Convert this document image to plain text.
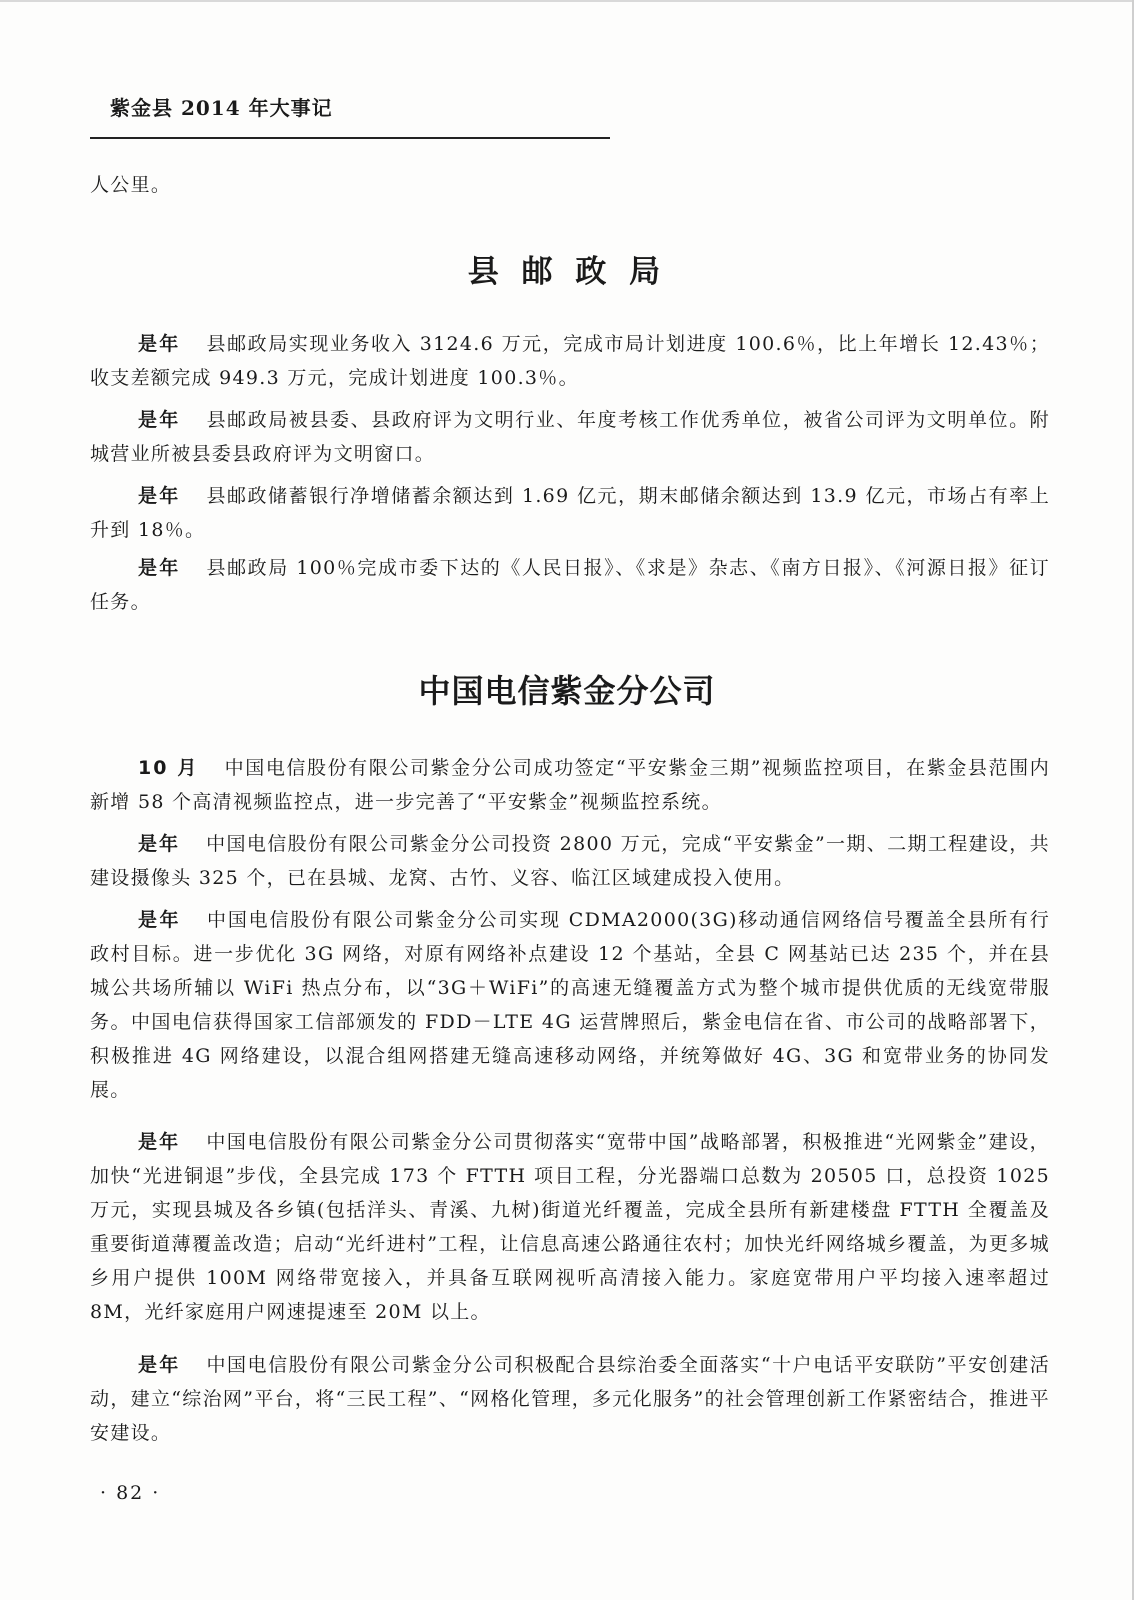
紫金县 2014 年大事记

人公里。

县 邮 政 局

是年 县邮政局实现业务收入 3124.6 万元，完成市局计划进度 100.6％，比上年增长 12.43％；收支差额完成 949.3 万元，完成计划进度 100.3％。

是年 县邮政局被县委、县政府评为文明行业、年度考核工作优秀单位，被省公司评为文明单位。附城营业所被县委县政府评为文明窗口。

是年 县邮政储蓄银行净增储蓄余额达到 1.69 亿元，期末邮储余额达到 13.9 亿元，市场占有率上升到 18％。

是年 县邮政局 100％完成市委下达的《人民日报》、《求是》杂志、《南方日报》、《河源日报》征订任务。

中国电信紫金分公司

10 月 中国电信股份有限公司紫金分公司成功签定“平安紫金三期”视频监控项目，在紫金县范围内新增 58 个高清视频监控点，进一步完善了“平安紫金”视频监控系统。

是年 中国电信股份有限公司紫金分公司投资 2800 万元，完成“平安紫金”一期、二期工程建设，共建设摄像头 325 个，已在县城、龙窝、古竹、义容、临江区域建成投入使用。

是年 中国电信股份有限公司紫金分公司实现 CDMA2000(3G)移动通信网络信号覆盖全县所有行政村目标。进一步优化 3G 网络，对原有网络补点建设 12 个基站，全县 C 网基站已达 235 个，并在县城公共场所辅以 WiFi 热点分布，以“3G＋WiFi”的高速无缝覆盖方式为整个城市提供优质的无线宽带服务。中国电信获得国家工信部颁发的 FDD－LTE 4G 运营牌照后，紫金电信在省、市公司的战略部署下，积极推进 4G 网络建设，以混合组网搭建无缝高速移动网络，并统筹做好 4G、3G 和宽带业务的协同发展。

是年 中国电信股份有限公司紫金分公司贯彻落实“宽带中国”战略部署，积极推进“光网紫金”建设，加快“光进铜退”步伐，全县完成 173 个 FTTH 项目工程，分光器端口总数为 20505 口，总投资 1025 万元，实现县城及各乡镇(包括洋头、青溪、九树)街道光纤覆盖，完成全县所有新建楼盘 FTTH 全覆盖及重要街道薄覆盖改造；启动“光纤进村”工程，让信息高速公路通往农村；加快光纤网络城乡覆盖，为更多城乡用户提供 100M 网络带宽接入，并具备互联网视听高清接入能力。家庭宽带用户平均接入速率超过 8M，光纤家庭用户网速提速至 20M 以上。

是年 中国电信股份有限公司紫金分公司积极配合县综治委全面落实“十户电话平安联防”平安创建活动，建立“综治网”平台，将“三民工程”、“网格化管理，多元化服务”的社会管理创新工作紧密结合，推进平安建设。

· 82 ·
